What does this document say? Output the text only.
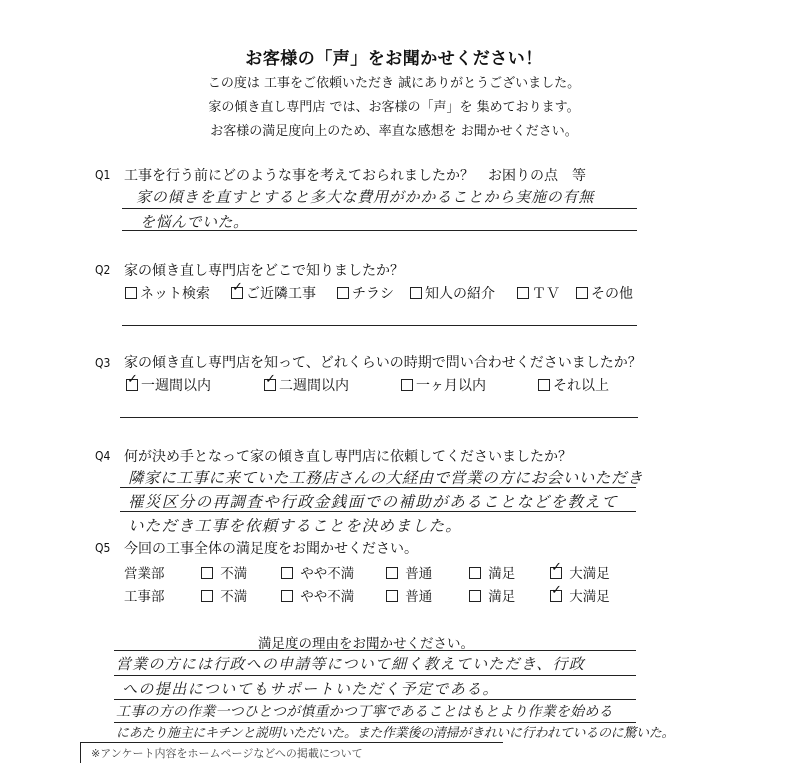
お客様の「声」をお聞かせください！
この度は 工事をご依頼いただき 誠にありがとうございました。
家の傾き直し専門店 では、お客様の「声」を 集めております。
お客様の満足度向上のため、率直な感想を お聞かせください。
Q1 工事を行う前にどのような事を考えておられましたか？　お困りの点　等
家の傾きを直すとすると多大な費用がかかることから実施の有無
を悩んでいた。
Q2 家の傾き直し専門店をどこで知りましたか？
ネット検索 ✓	ご近隣工事	チラシ	知人の紹介	ＴＶ	その他
Q3 家の傾き直し専門店を知って、どれくらいの時期で問い合わせくださいましたか？
✓一週間以内 ✓	二週間以内	一ヶ月以内	それ以上
Q4 何が決め手となって家の傾き直し専門店に依頼してくださいましたか？
隣家に工事に来ていた工務店さんの大経由で営業の方にお会いいただき
罹災区分の再調査や行政金銭面での補助があることなどを教えて
いただき工事を依頼することを決めました。
Q5 今回の工事全体の満足度をお聞かせください。
営業部	不満	やや不満	普通	満足 ✓	大満足
工事部	不満	やや不満	普通	満足 ✓	大満足
満足度の理由をお聞かせください。
営業の方には行政への申請等について細く教えていただき、行政
への提出についてもサポートいただく予定である。
工事の方の作業一つひとつが慎重かつ丁寧であることはもとより作業を始める
にあたり施主にキチンと説明いただいた。また作業後の清掃がきれいに行われているのに驚いた。
※アンケート内容をホームページなどへの掲載について
